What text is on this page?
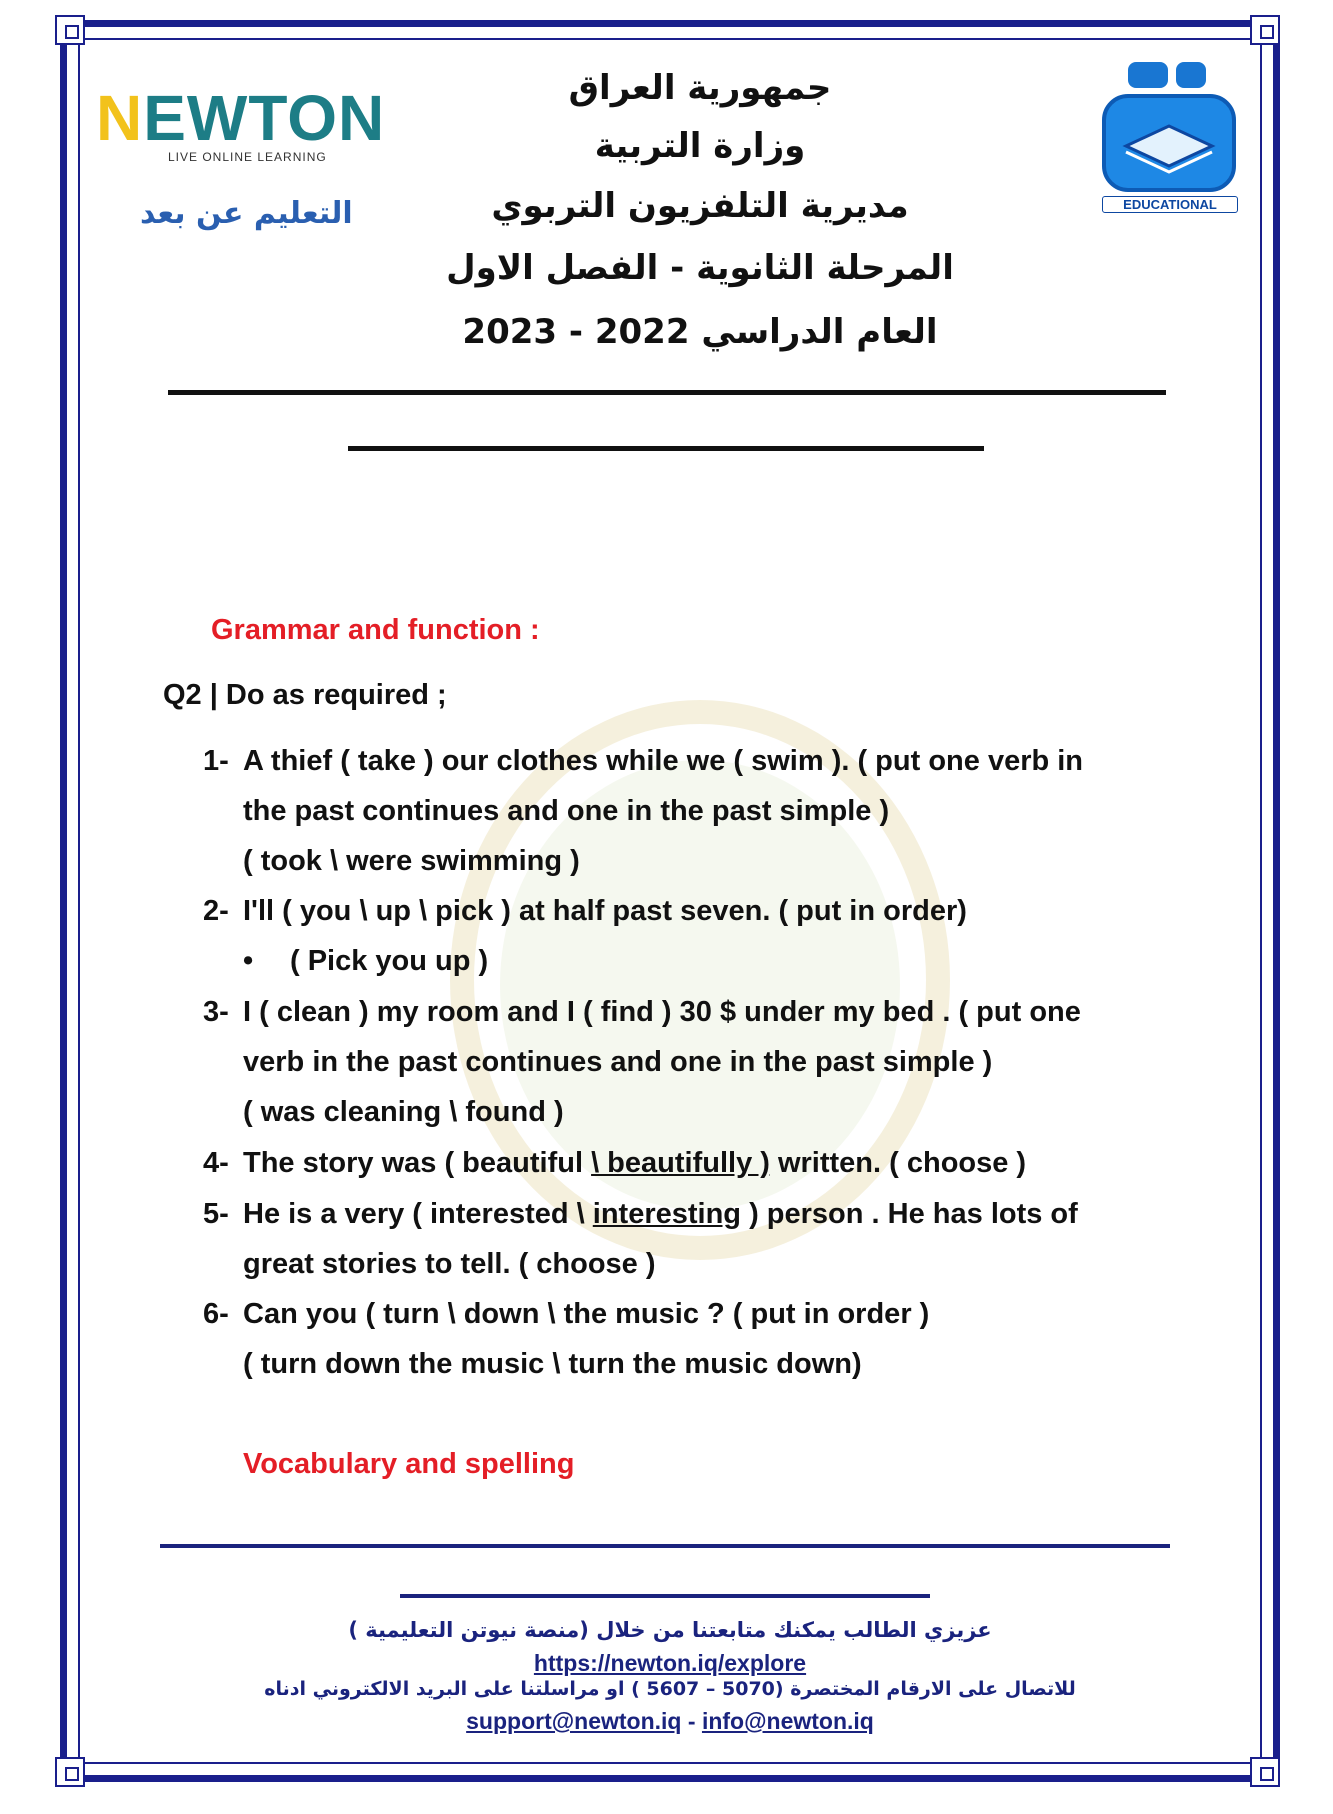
NEWTON
LIVE ONLINE LEARNING
التعليم عن بعد	EDUCATIONAL
جمهورية العراق
وزارة التربية
مديرية التلفزيون التربوي
المرحلة الثانوية - الفصل الاول
العام الدراسي 2022 - 2023
Grammar and function :
Q2 | Do as required ;
1- A thief ( take ) our clothes while we ( swim ). ( put one verb in
the past continues and one in the past simple )
( took \ were swimming )
2- I'll ( you \ up \ pick ) at half past seven. ( put in order)
• ( Pick you up )
3- I ( clean ) my room and I ( find ) 30 $ under my bed . ( put one
verb in the past continues and one in the past simple )
( was cleaning \ found )
4- The story was ( beautiful \ beautifully ) written. ( choose )
5- He is a very ( interested \ interesting ) person . He has lots of
great stories to tell. ( choose )
6- Can you ( turn \ down \ the music ? ( put in order )
( turn down the music \ turn the music down)
Vocabulary and spelling
عزيزي الطالب يمكنك متابعتنا من خلال (منصة نيوتن التعليمية )
https://newton.iq/explore
للاتصال على الارقام المختصرة (5070 – 5607 ) او مراسلتنا على البريد الالكتروني ادناه
support@newton.iq - info@newton.iq
